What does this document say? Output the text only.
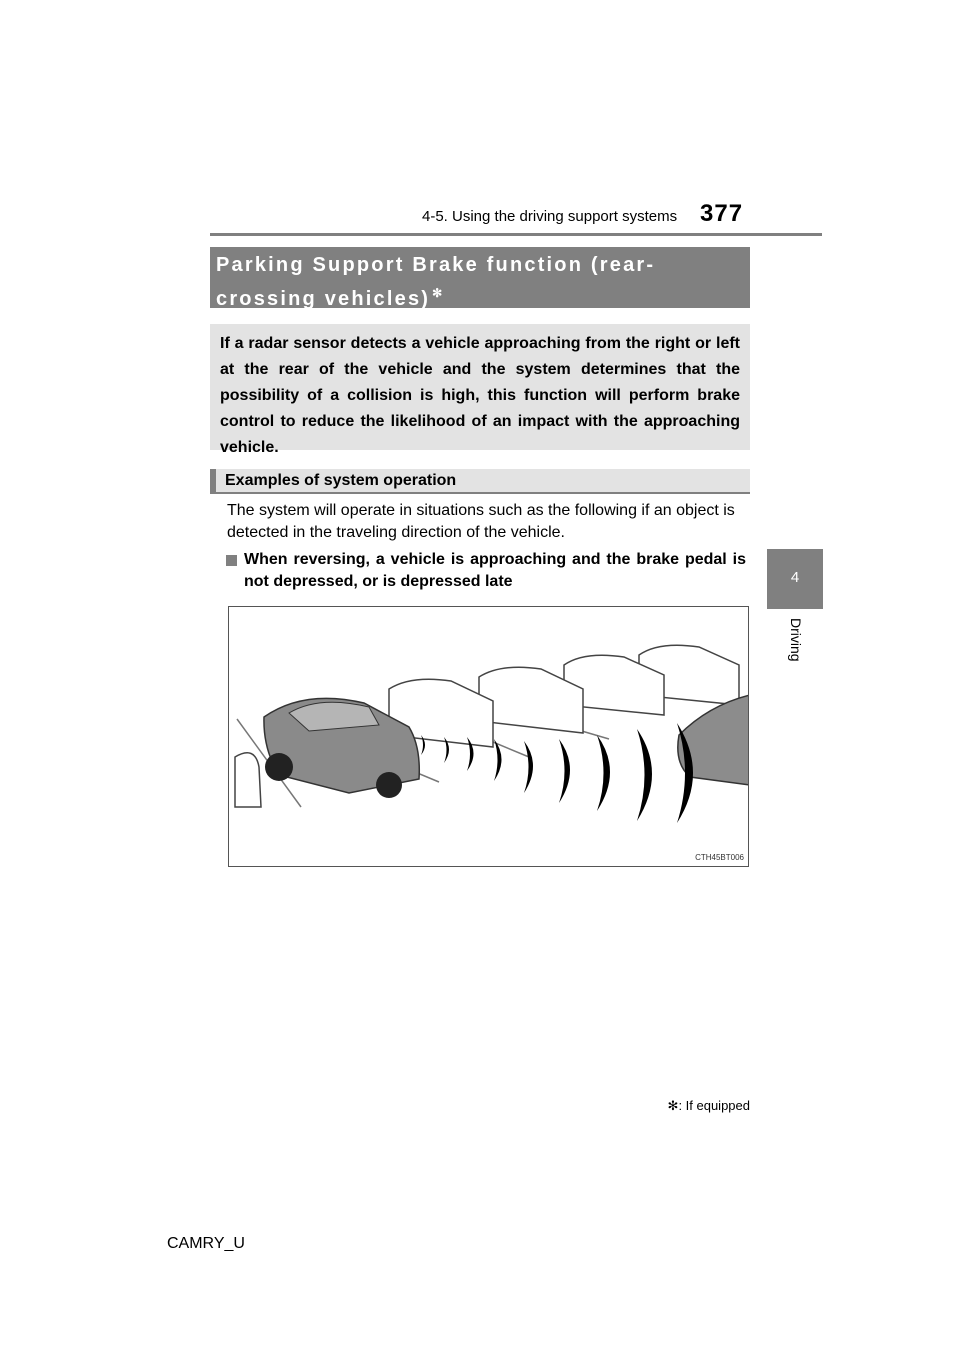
4-5. Using the driving support systems 377
4
Driving
Parking Support Brake function (rear-crossing vehicles) ✻
If a radar sensor detects a vehicle approaching from the right or left at the rear of the vehicle and the system determines that the possibility of a collision is high, this function will perform brake control to reduce the likelihood of an impact with the approaching vehicle.
Examples of system operation
The system will operate in situations such as the following if an object is detected in the traveling direction of the vehicle.
When reversing, a vehicle is approaching and the brake pedal is not depressed, or is depressed late
CTH45BT006
✻: If equipped
CAMRY_U
